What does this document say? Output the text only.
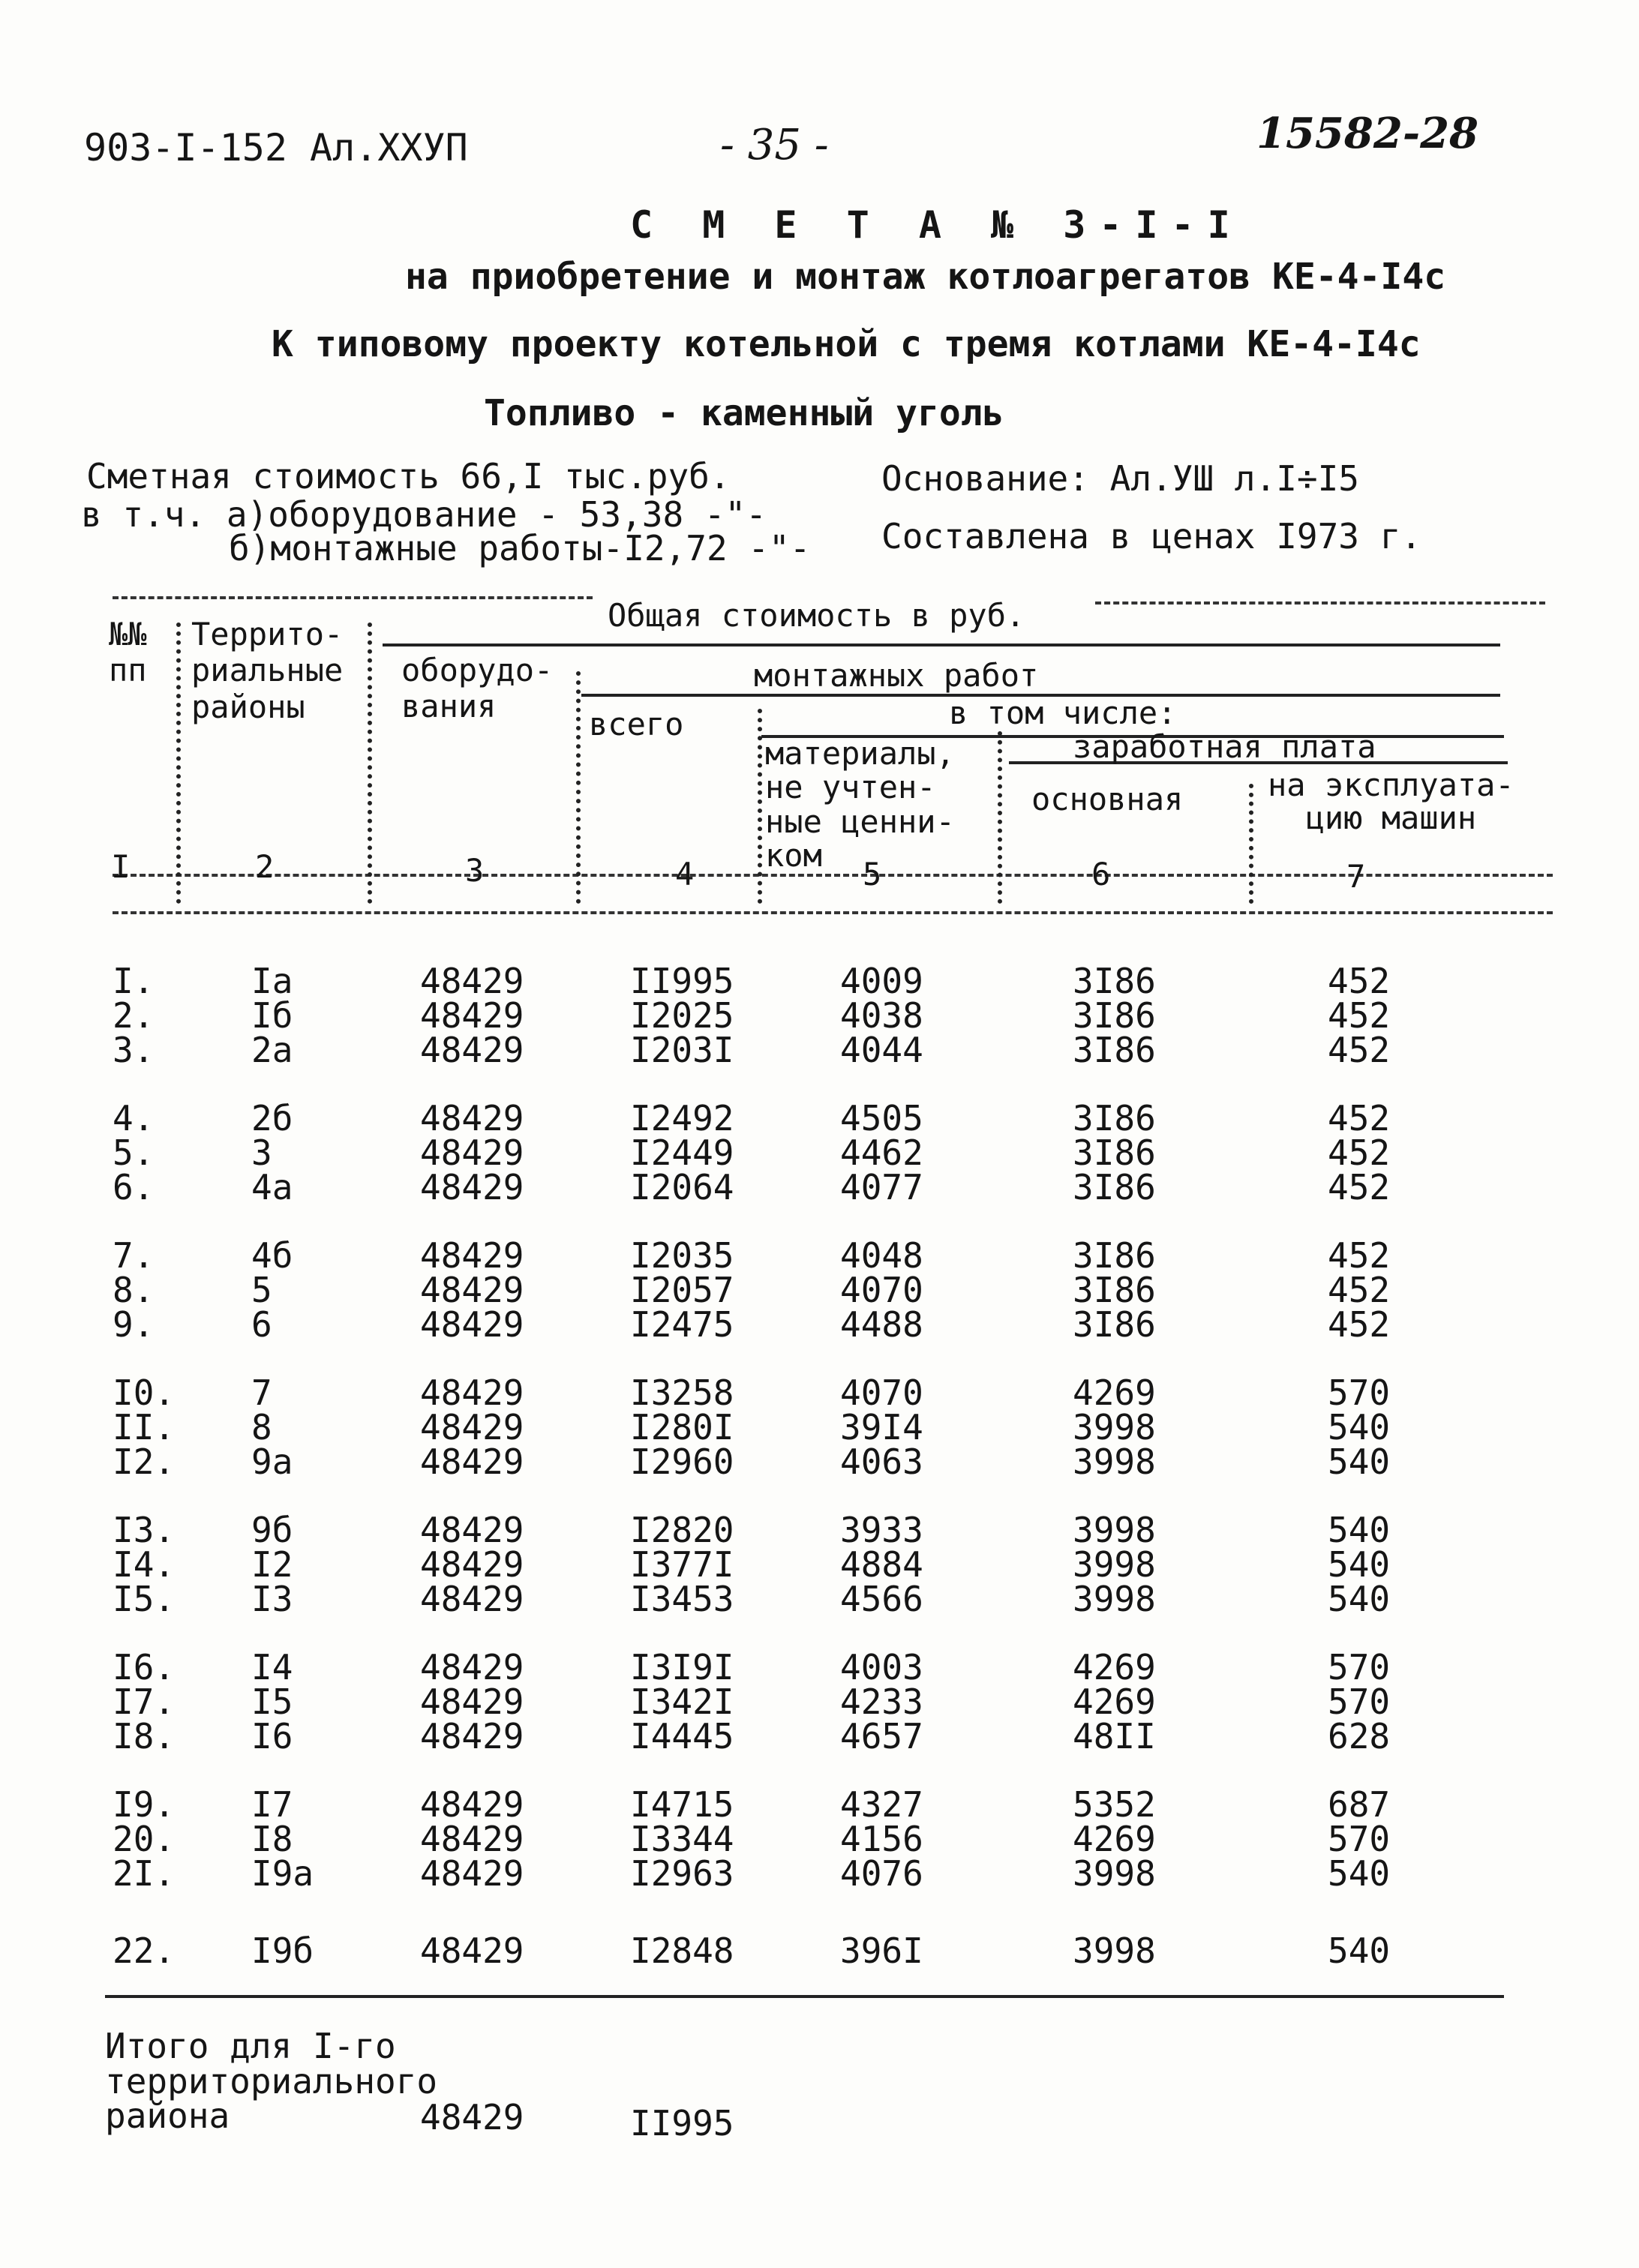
903-I-152 Ал.XXУП	- 35 -	15582-28
С М Е Т А № 3-I-I
на приобретение и монтаж котлоагрегатов КЕ-4-I4с
К типовому проекту котельной с тремя котлами КЕ-4-I4с
Топливо - каменный уголь
Сметная стоимость 66,I тыс.руб.
в т.ч. а)оборудование - 53,38 -"-
б)монтажные работы-I2,72 -"-
Основание: Ал.УШ л.I÷I5
Составлена в ценах I973 г.
№№
пп
Террито-
риальные
районы
Общая стоимость в руб.
оборудо-
вания
монтажных работ
всего	в том числе:
материалы,
не учтен-
ные ценни-
ком
заработная плата
основная	на эксплуата-
цию машин
I	2	3	4	5	6	7
I.	Iа	48429	II995	4009	3I86	452
2.	Iб	48429	I2025	4038	3I86	452
3.	2а	48429	I203I	4044	3I86	452
4.	2б	48429	I2492	4505	3I86	452
5.	3	48429	I2449	4462	3I86	452
6.	4а	48429	I2064	4077	3I86	452
7.	4б	48429	I2035	4048	3I86	452
8.	5	48429	I2057	4070	3I86	452
9.	6	48429	I2475	4488	3I86	452
I0. 7	48429	I3258	4070	4269	570
II. 8	48429	I280I	39I4	3998	540
I2. 9а	48429	I2960	4063	3998	540
I3. 9б	48429	I2820	3933	3998	540
I4. I2	48429	I377I	4884	3998	540
I5. I3	48429	I3453	4566	3998	540
I6. I4	48429	I3I9I	4003	4269	570
I7. I5	48429	I342I	4233	4269	570
I8. I6	48429	I4445	4657	48II	628
I9. I7	48429	I4715	4327	5352	687
20. I8	48429	I3344	4156	4269	570
2I. I9а	48429	I2963	4076	3998	540
22. I9б	48429	I2848	396I	3998	540
Итого для I-го
территориального
района	48429	II995
